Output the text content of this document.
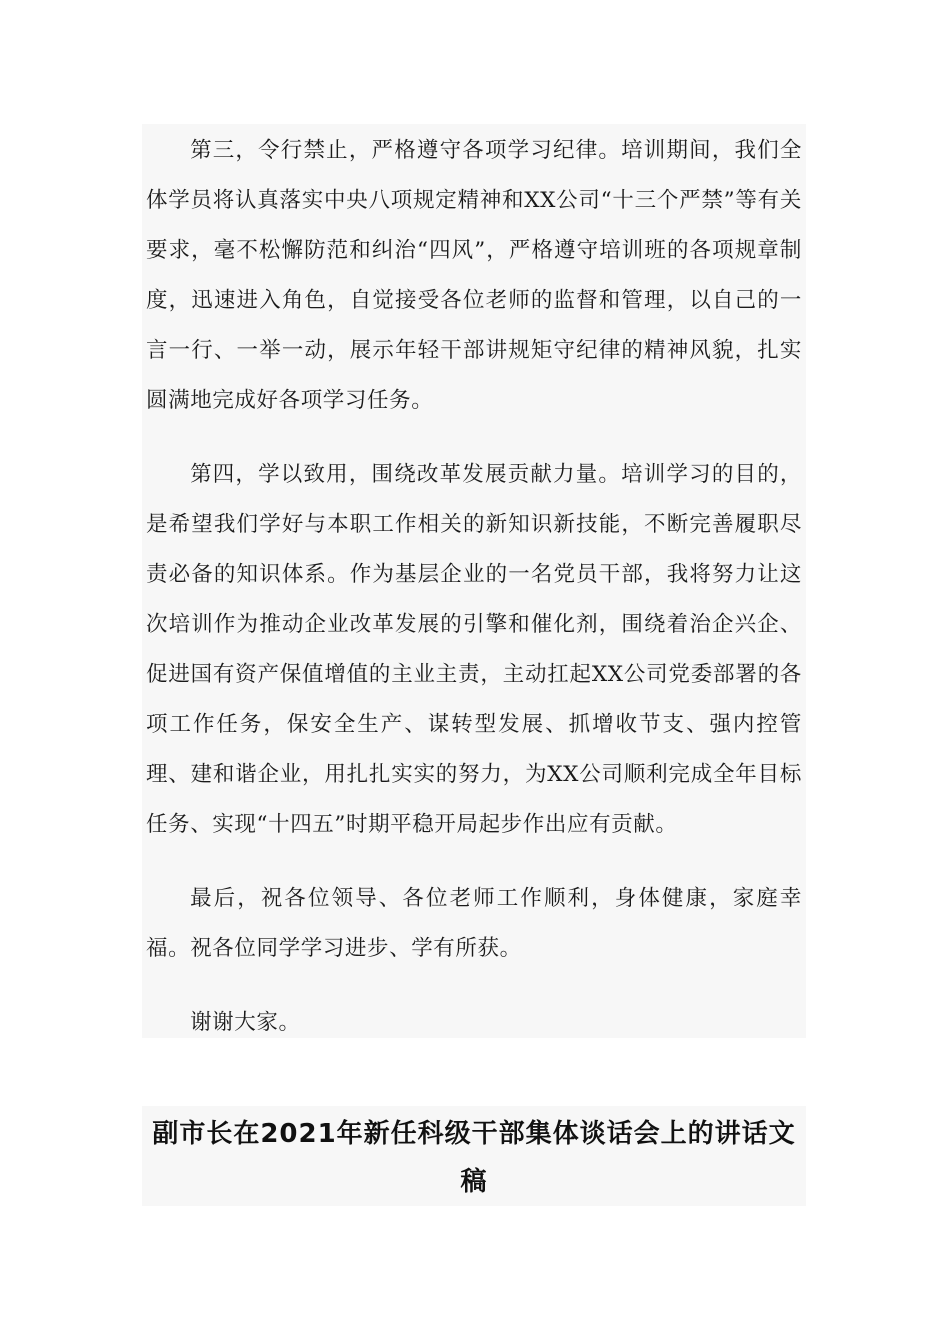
第三，令行禁止，严格遵守各项学习纪律。培训期间，我们全体学员将认真落实中央八项规定精神和XX公司“十三个严禁”等有关要求，毫不松懈防范和纠治“四风”，严格遵守培训班的各项规章制度，迅速进入角色，自觉接受各位老师的监督和管理，以自己的一言一行、一举一动，展示年轻干部讲规矩守纪律的精神风貌，扎实圆满地完成好各项学习任务。

第四，学以致用，围绕改革发展贡献力量。培训学习的目的，是希望我们学好与本职工作相关的新知识新技能，不断完善履职尽责必备的知识体系。作为基层企业的一名党员干部，我将努力让这次培训作为推动企业改革发展的引擎和催化剂，围绕着治企兴企、促进国有资产保值增值的主业主责，主动扛起XX公司党委部署的各项工作任务，保安全生产、谋转型发展、抓增收节支、强内控管理、建和谐企业，用扎扎实实的努力，为XX公司顺利完成全年目标任务、实现“十四五”时期平稳开局起步作出应有贡献。

最后，祝各位领导、各位老师工作顺利，身体健康，家庭幸福。祝各位同学学习进步、学有所获。

谢谢大家。

副市长在2021年新任科级干部集体谈话会上的讲话文稿
